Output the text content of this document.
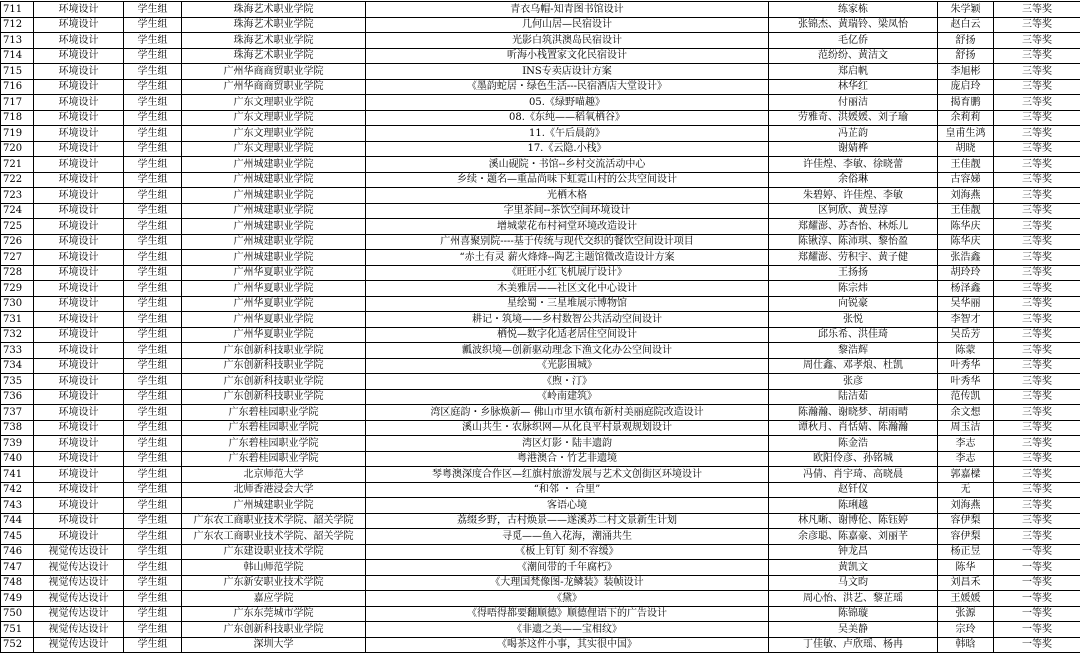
711	环境设计	学生组	珠海艺术职业学院	青衣乌帽-知青图书馆设计	练家栋	朱学颖	三等奖
712	环境设计	学生组	珠海艺术职业学院	几何山居—民宿设计	张锦杰、黄瑞铃、梁凤怡	赵白云	三等奖
713	环境设计	学生组	珠海艺术职业学院	光影白筑淇澳岛民宿设计	毛亿侨	舒扬	三等奖
714	环境设计	学生组	珠海艺术职业学院	听海小栈置家文化民宿设计	范纷纷、黄洁文	舒扬	三等奖
715	环境设计	学生组	广州华商商贸职业学院	INS专卖店设计方案	郑启帆	李旭彬	三等奖
716	环境设计	学生组	广州华商商贸职业学院	《墨韵蛇居・绿色生活---民宿酒店大堂设计》	林华红	庞启玲	三等奖
717	环境设计	学生组	广东文理职业学院	05.《绿野喵趣》	付丽洁	揭育鹏	三等奖
718	环境设计	学生组	广东文理职业学院	08.《东纯——稻氧栖谷》	劳雅奇、洪媛媛、刘子瑜	余莉莉	三等奖
719	环境设计	学生组	广东文理职业学院	11.《午后晨韵》	冯芷韵	皇甫生鸿	三等奖
720	环境设计	学生组	广东文理职业学院	17.《云隐.小栈》	谢婧桦	胡晓	三等奖
721	环境设计	学生组	广州城建职业学院	溪山砚院・书馆--乡村交流活动中心	许佳煌、李敏、徐晓蕾	王佳靓	三等奖
722	环境设计	学生组	广州城建职业学院	乡续・题名—重品尚味下虹霓山村的公共空间设计	余俗琳	古容娣	三等奖
723	环境设计	学生组	广州城建职业学院	光栖木格	朱碧婷、许佳煌、李敏	刘海燕	三等奖
724	环境设计	学生组	广州城建职业学院	字里茶间--茶饮空间环境设计	区钶欣、黄昱淳	王佳靓	三等奖
725	环境设计	学生组	广州城建职业学院	增城蒙花布村祠堂环境改造设计	郑耀澎、苏杏怡、林烁儿	陈华庆	三等奖
726	环境设计	学生组	广州城建职业学院	广州喜聚别院----基于传统与现代交织的餐饮空间设计项目	陈锹淳、陈沛琪、黎怡盈	陈华庆	三等奖
727	环境设计	学生组	广州城建职业学院	“赤土有灵 薪火烽烽--陶艺主题馆微改造设计方案	郑耀澎、劳积宇、黄子健	张浩鑫	三等奖
728	环境设计	学生组	广州华夏职业学院	《旺旺小红飞机展厅设计》	王扬扬	胡玲玲	三等奖
729	环境设计	学生组	广州华夏职业学院	木美雅居——社区文化中心设计	陈宗炜	杨泽鑫	三等奖
730	环境设计	学生组	广州华夏职业学院	星绘蜀・三星堆展示博物馆	向锐豪	吴华丽	三等奖
731	环境设计	学生组	广州华夏职业学院	耕记・筑境——乡村数智公共活动空间设计	张悦	李智才	三等奖
732	环境设计	学生组	广州华夏职业学院	栖悦—数字化适老居住空间设计	邱乐希、洪佳琦	吴岳芳	三等奖
733	环境设计	学生组	广东创新科技职业学院	瓤波织境—创新驱动理念下渔文化办公空间设计	黎浩辉	陈蒙	三等奖
734	环境设计	学生组	广东创新科技职业学院	《光影围城》	周仕鑫、邓孝烺、杜凯	叶秀华	三等奖
735	环境设计	学生组	广东创新科技职业学院	《煦・汀》	张彦	叶秀华	三等奖
736	环境设计	学生组	广东创新科技职业学院	《岭南建筑》	陆洁茹	范传凯	三等奖
737	环境设计	学生组	广东碧桂园职业学院	湾区庭韵・乡脉焕新— 佛山市里水镇布新村美丽庭院改造设计	陈瀚瀚、谢晓梦、胡雨晴	余文想	三等奖
738	环境设计	学生组	广东碧桂园职业学院	溪山共生・农脉织网—从化良平村景观规划设计	谭秋月、肖恬婧、陈瀚瀚	周玉洁	三等奖
739	环境设计	学生组	广东碧桂园职业学院	湾区灯影・陆丰遗韵	陈金浩	李志	三等奖
740	环境设计	学生组	广东碧桂园职业学院	粤港澳合・竹艺非遗境	欧阳伶彦、孙铭城	李志	三等奖
741	环境设计	学生组	北京师范大学	琴粤澳深度合作区—红旗村旅游发展与艺术文创街区环境设计	冯倩、肖宇琦、高晓晨	郭嘉樑	三等奖
742	环境设计	学生组	北师香港浸会大学	“和邻 ・ 合里”	赵钎仪	无	三等奖
743	环境设计	学生组	广州城建职业学院	客语心境	陈琍越	刘海燕	三等奖
744	环境设计	学生组	广东农工商职业技术学院、韶关学院	荔缀乡野，古村焕景——遂溪苏二村文景新生计划	林凡晰、谢博伦、陈钰婷	容伊梨	三等奖
745	环境设计	学生组	广东农工商职业技术学院、韶关学院	寻觅——鱼入花海，潮涌共生	余彦聪、陈嘉豪、刘丽芊	容伊梨	三等奖
746	视觉传达设计	学生组	广东建设职业技术学院	《板上钉钉 刻不容缓》	钟龙昌	杨正昱	一等奖
747	视觉传达设计	学生组	韩山师范学院	《潮间带的千年腐朽》	黄凯文	陈华	一等奖
748	视觉传达设计	学生组	广东新安职业技术学院	《大理国梵像图-龙鳞装》装帧设计	马文昀	刘昌禾	一等奖
749	视觉传达设计	学生组	嘉应学院	《黛》	周心怡、洪艺、黎芷瑶	王媛媛	一等奖
750	视觉传达设计	学生组	广东东莞城市学院	《得唔得都要翻顺德》顺德俚语下的广告设计	陈锦璇	张源	一等奖
751	视觉传达设计	学生组	广东创新科技职业学院	《非遗之美——宝相纹》	吴美静	宗玲	一等奖
752	视觉传达设计	学生组	深圳大学	《喝茶这件小事，其实很中国》	丁佳敏、卢欣瑶、杨冉	韩晗	一等奖
